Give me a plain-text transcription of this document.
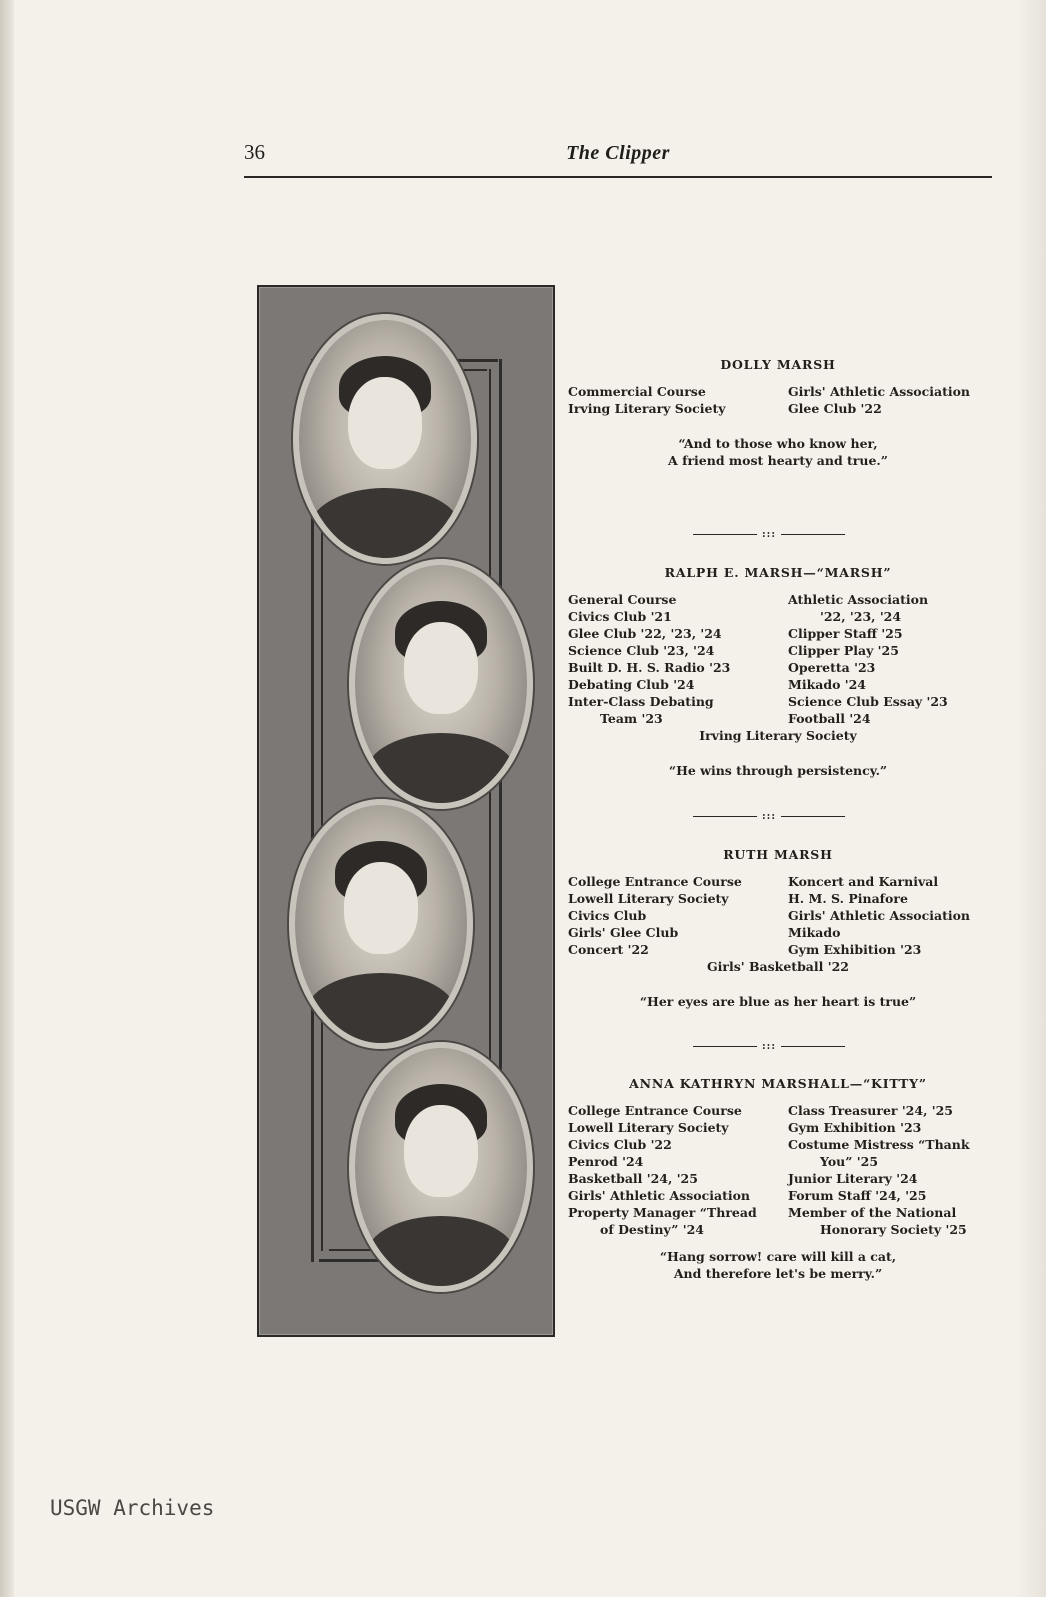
36	The Clipper
DOLLY MARSH
Commercial Course
Irving Literary Society
Girls' Athletic Association
Glee Club '22
“And to those who know her,
A friend most hearty and true.”
:::
RALPH E. MARSH—“MARSH”
General Course
Civics Club '21
Glee Club '22, '23, '24
Science Club '23, '24
Built D. H. S. Radio '23
Debating Club '24
Inter-Class Debating
Team '23
Athletic Association
'22, '23, '24
Clipper Staff '25
Clipper Play '25
Operetta '23
Mikado '24
Science Club Essay '23
Football '24
Irving Literary Society
“He wins through persistency.”
:::
RUTH MARSH
College Entrance Course
Lowell Literary Society
Civics Club
Girls' Glee Club
Concert '22
Koncert and Karnival
H. M. S. Pinafore
Girls' Athletic Association
Mikado
Gym Exhibition '23
Girls' Basketball '22
“Her eyes are blue as her heart is true”
:::
ANNA KATHRYN MARSHALL—“KITTY”
College Entrance Course
Lowell Literary Society
Civics Club '22
Penrod '24
Basketball '24, '25
Girls' Athletic Association
Property Manager “Thread
of Destiny” '24
Class Treasurer '24, '25
Gym Exhibition '23
Costume Mistress “Thank
You” '25
Junior Literary '24
Forum Staff '24, '25
Member of the National
Honorary Society '25
“Hang sorrow! care will kill a cat,
And therefore let's be merry.”
USGW Archives
